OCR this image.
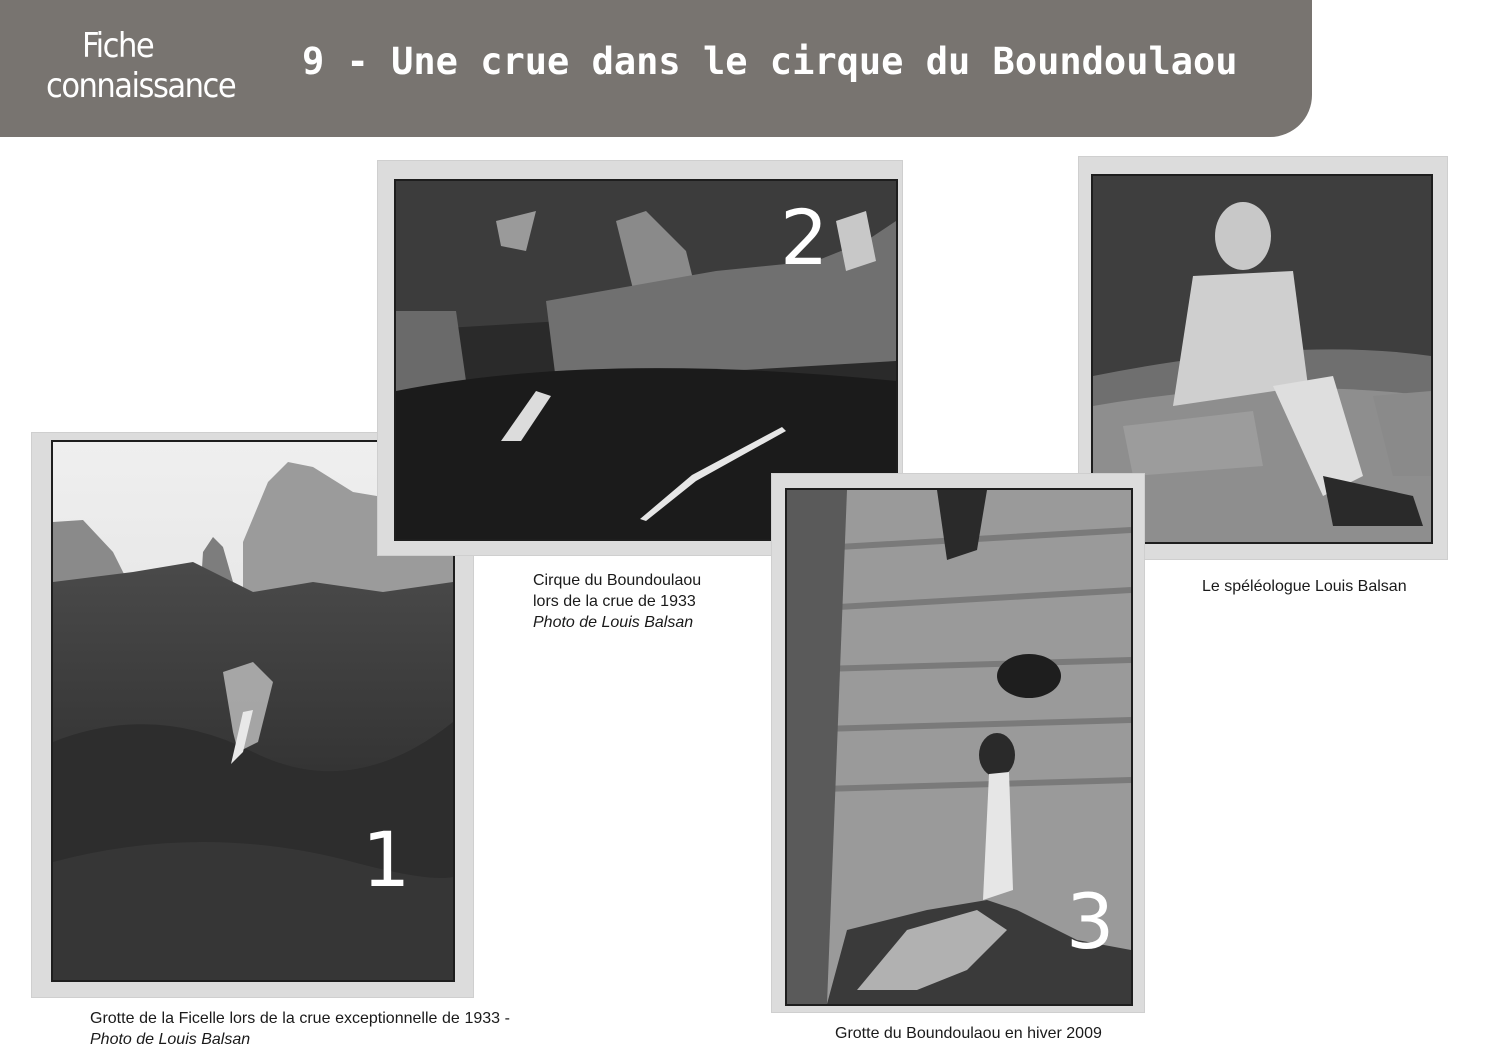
Fiche
connaissance
9 - Une crue dans le cirque du Boundoulaou
1
Grotte de la Ficelle lors de la crue exceptionnelle de 1933 -Photo de Louis Balsan
2
Cirque du Boundoulaou
lors de la crue de 1933
Photo de Louis Balsan
Le spéléologue Louis Balsan
3
Grotte du Boundoulaou en hiver 2009
